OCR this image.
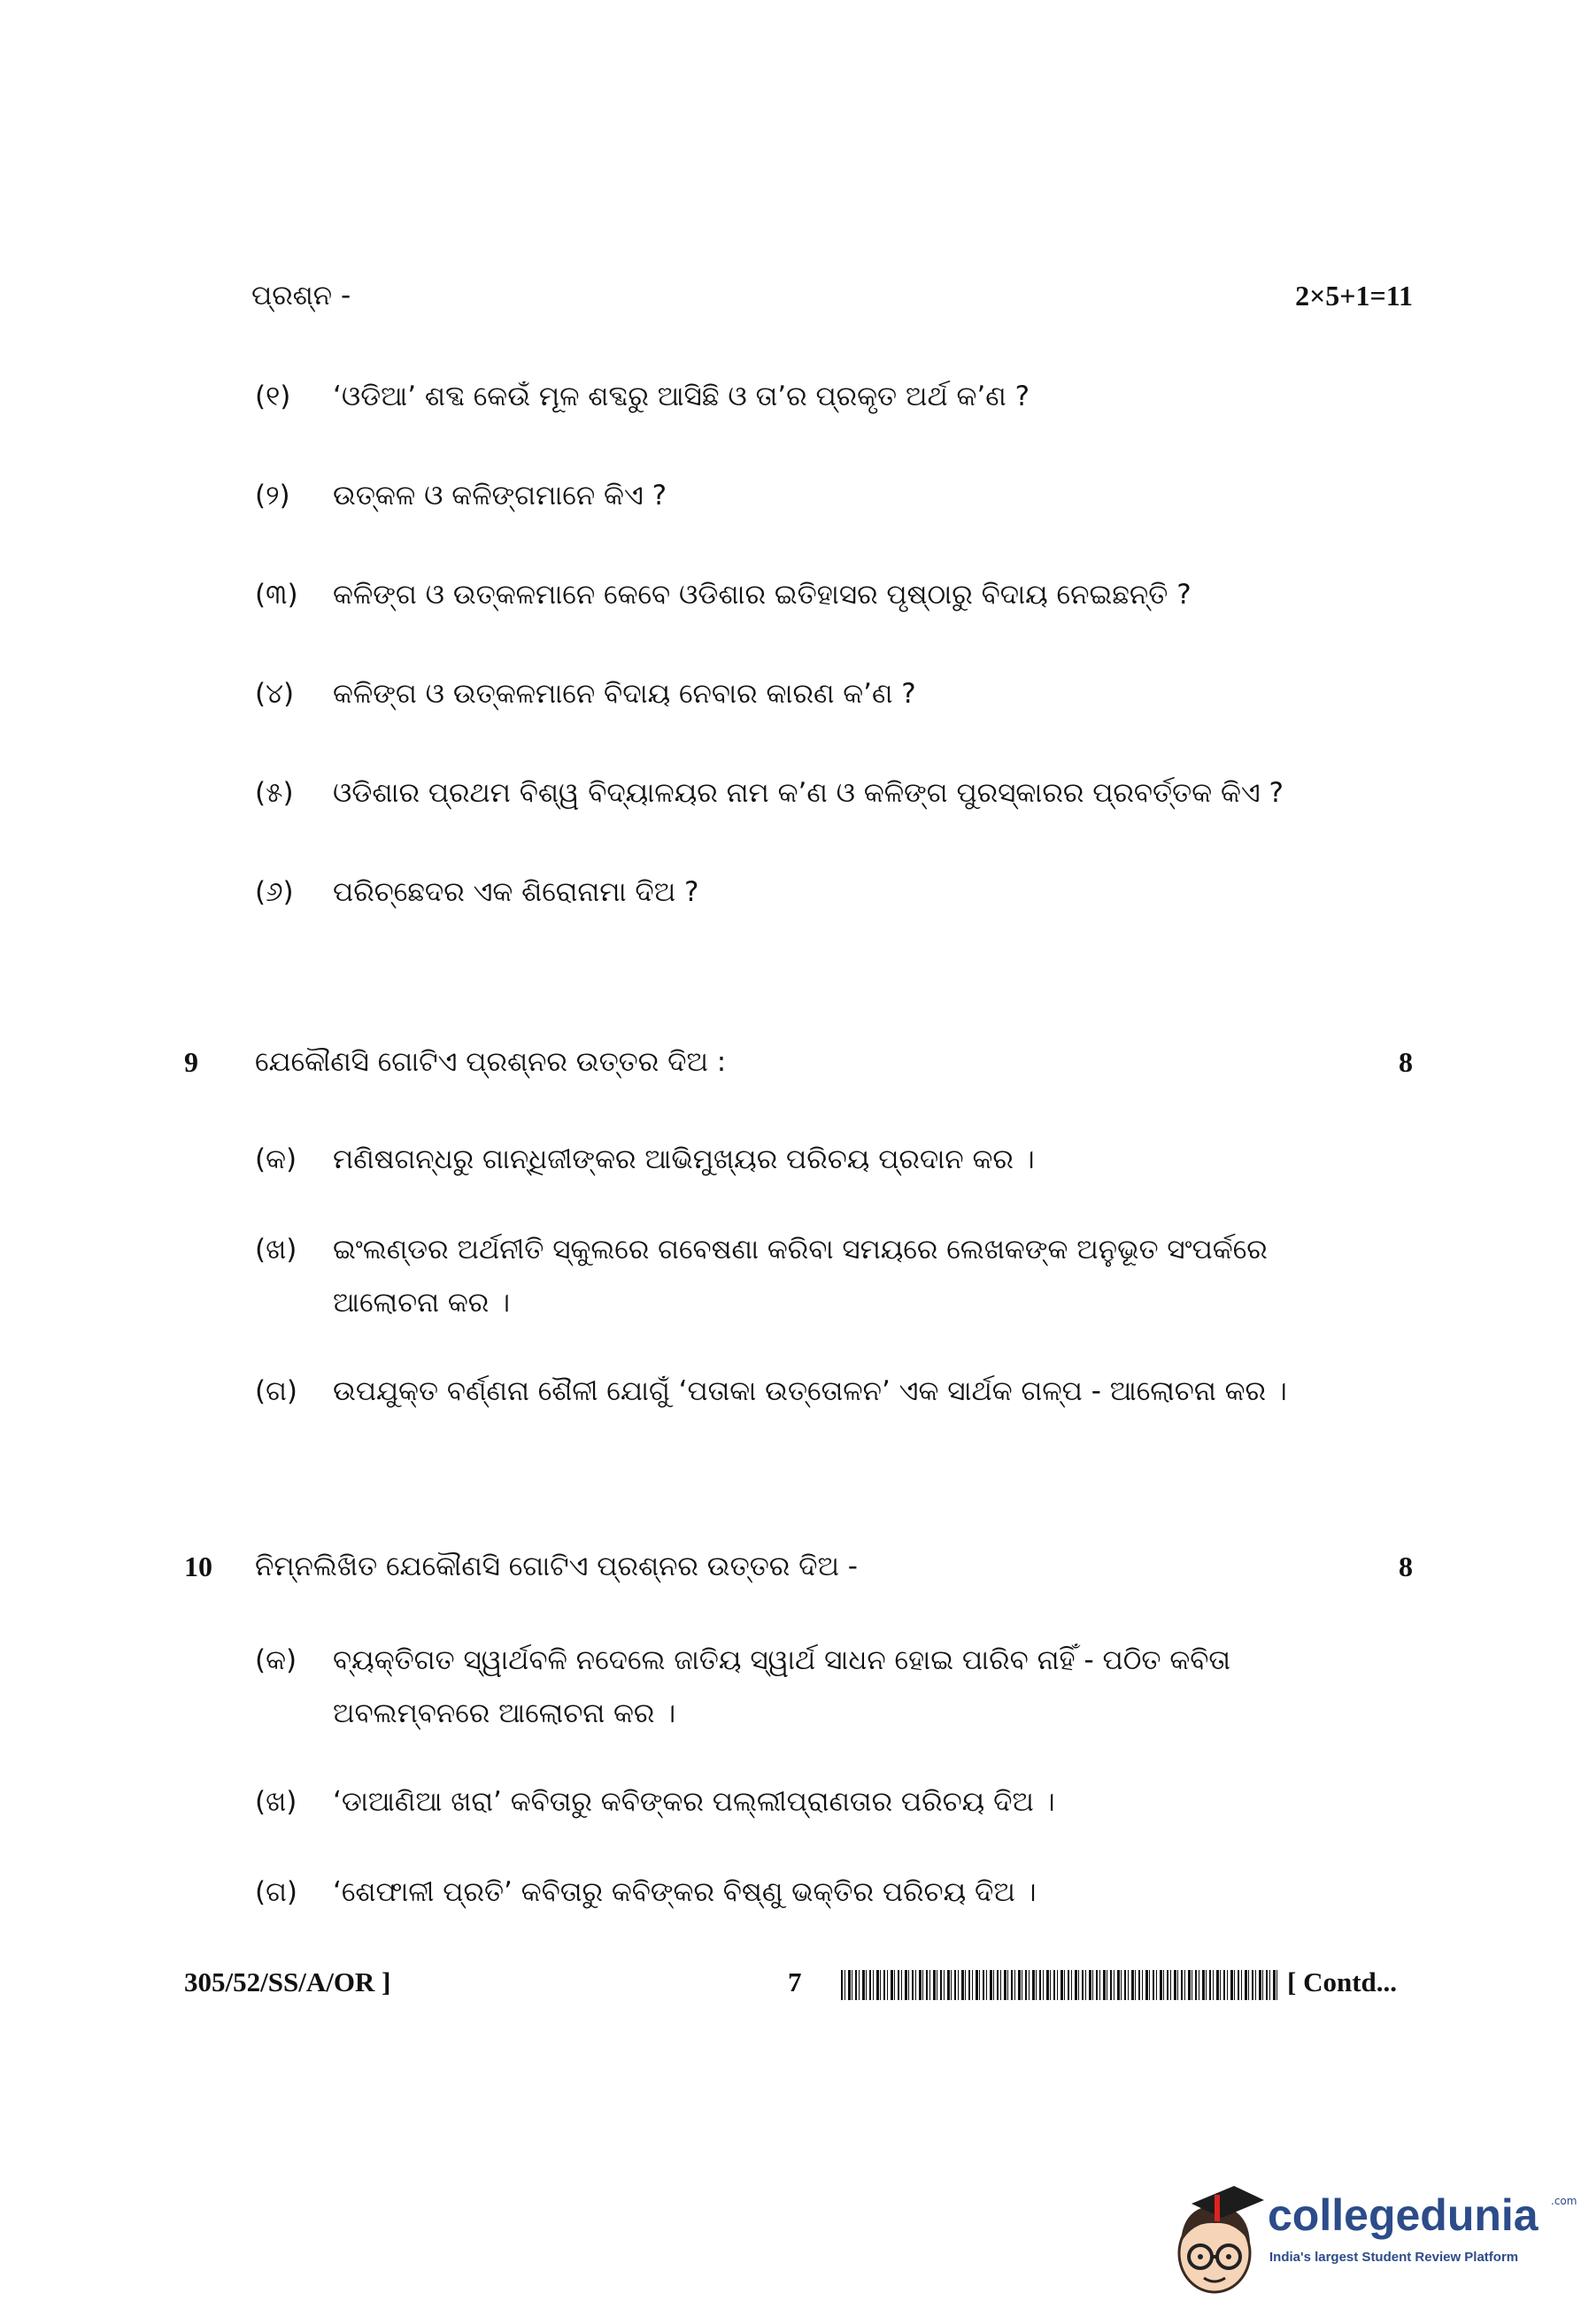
ପ୍ରଶ୍ନ -	2×5+1=11
(୧)	‘ଓଡିଆ’ ଶବ୍ଦ କେଉଁ ମୂଳ ଶବ୍ଦରୁ ଆସିଛି ଓ ତା’ର ପ୍ରକୃତ ଅର୍ଥ କ’ଣ ?
(୨)	ଉତ୍କଳ ଓ କଳିଙ୍ଗମାନେ କିଏ ?
(୩)	କଳିଙ୍ଗ ଓ ଉତ୍କଳମାନେ କେବେ ଓଡିଶାର ଇତିହାସର ପୃଷ୍ଠାରୁ ବିଦାୟ ନେଇଛନ୍ତି ?
(୪)	କଳିଙ୍ଗ ଓ ଉତ୍କଳମାନେ ବିଦାୟ ନେବାର କାରଣ କ’ଣ ?
(୫)	ଓଡିଶାର ପ୍ରଥମ ବିଶ୍ୱ ବିଦ୍ୟାଳୟର ନାମ କ’ଣ ଓ କଳିଙ୍ଗ ପୁରସ୍କାରର ପ୍ରବର୍ତ୍ତକ କିଏ ?
(୬)	ପରିଚ୍ଛେଦର ଏକ ଶିରୋନାମା ଦିଅ ?
9 ଯେକୌଣସି ଗୋଟିଏ ପ୍ରଶ୍ନର ଉତ୍ତର ଦିଅ :	8
(କ)	ମଣିଷଗନ୍ଧରୁ ଗାନ୍ଧିଜୀଙ୍କର ଆଭିମୁଖ୍ୟର ପରିଚୟ ପ୍ରଦାନ କର ।
(ଖ)	ଇଂଲଣ୍ଡର ଅର୍ଥନୀତି ସ୍କୁଲରେ ଗବେଷଣା କରିବା ସମୟରେ ଲେଖକଙ୍କ ଅନୁଭୂତ ସଂପର୍କରେ ଆଲୋଚନା କର ।
(ଗ)	ଉପଯୁକ୍ତ ବର୍ଣ୍ଣନା ଶୈଳୀ ଯୋଗୁଁ ‘ପତାକା ଉତ୍ତୋଳନ’ ଏକ ସାର୍ଥକ ଗଳ୍ପ - ଆଲୋଚନା କର ।
10 ନିମ୍ନଲିଖିତ ଯେକୌଣସି ଗୋଟିଏ ପ୍ରଶ୍ନର ଉତ୍ତର ଦିଅ -	8
(କ)	ବ୍ୟକ୍ତିଗତ ସ୍ୱାର୍ଥବଳି ନଦେଲେ ଜାତିୟ ସ୍ୱାର୍ଥ ସାଧନ ହୋଇ ପାରିବ ନାହିଁ - ପଠିତ କବିତା ଅବଲମ୍ବନରେ ଆଲୋଚନା କର ।
(ଖ)	‘ଡାଆଣିଆ ଖରା’ କବିତାରୁ କବିଙ୍କର ପଲ୍ଲୀପ୍ରାଣତାର ପରିଚୟ ଦିଅ ।
(ଗ)	‘ଶେଫାଳୀ ପ୍ରତି’ କବିତାରୁ କବିଙ୍କର ବିଷ୍ଣୁ ଭକ୍ତିର ପରିଚୟ ଦିଅ ।
305/52/SS/A/OR ]	7	[ Contd...
collegedunia .com
India's largest Student Review Platform
